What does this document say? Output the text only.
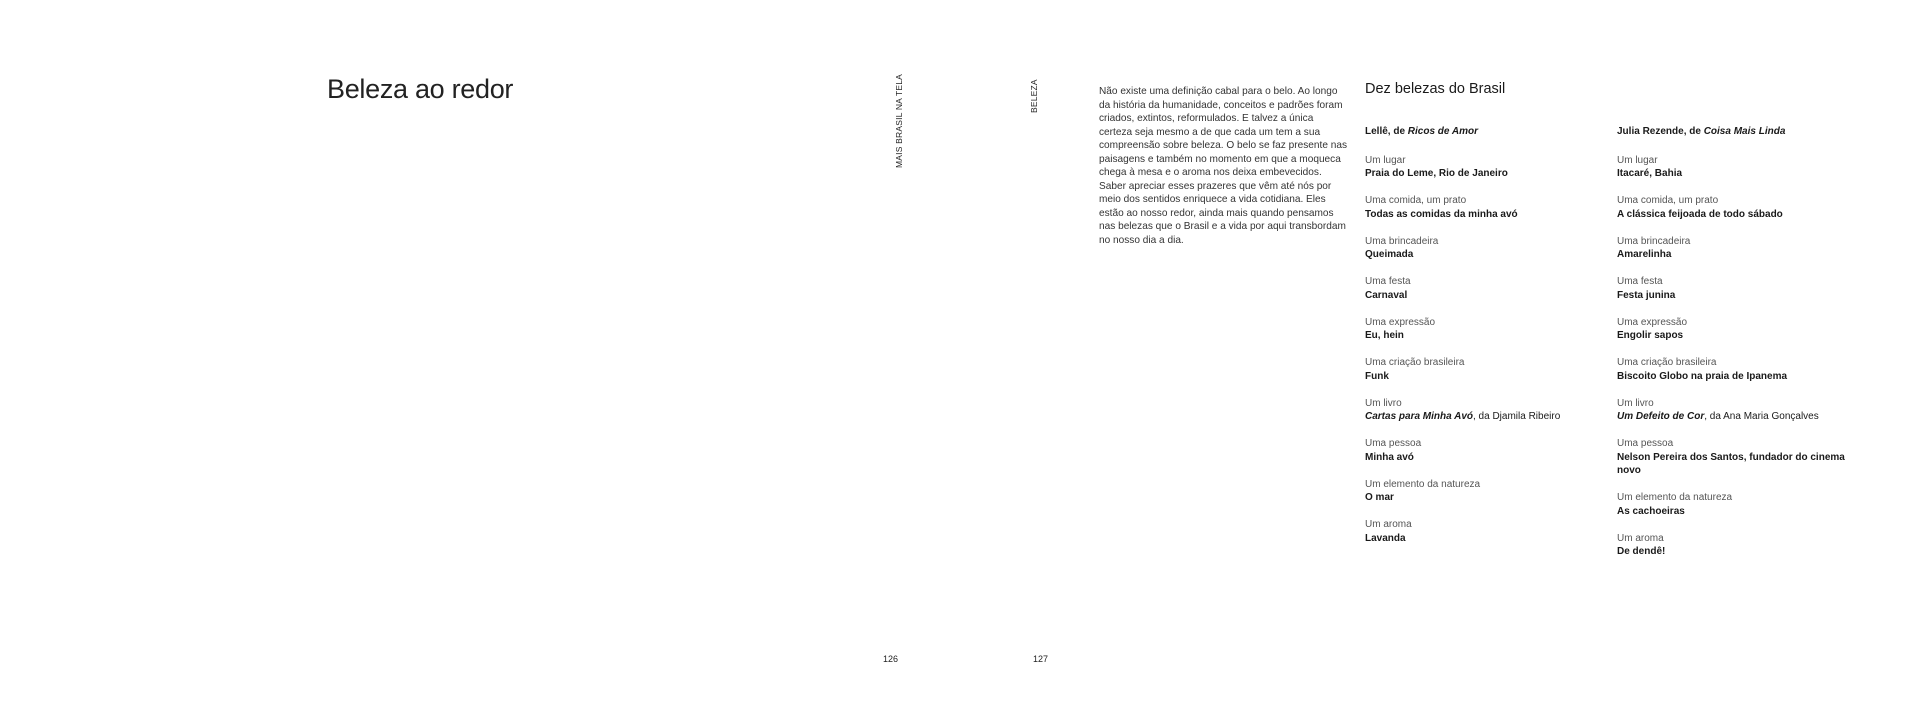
Beleza ao redor
126
MAIS BRASIL NA TELA	BELEZA
127
Não existe uma definição cabal para o belo. Ao longo da história da humanidade, conceitos e padrões foram criados, extintos, reformulados. E talvez a única certeza seja mesmo a de que cada um tem a sua compreensão sobre beleza. O belo se faz presente nas paisagens e também no momento em que a moqueca chega à mesa e o aroma nos deixa embevecidos. Saber apreciar esses prazeres que vêm até nós por meio dos sentidos enriquece a vida cotidiana. Eles estão ao nosso redor, ainda mais quando pensamos nas belezas que o Brasil e a vida por aqui transbordam no nosso dia a dia.
Dez belezas do Brasil
Lellê, de Ricos de Amor
Um lugar
Praia do Leme, Rio de Janeiro
Uma comida, um prato
Todas as comidas da minha avó
Uma brincadeira
Queimada
Uma festa
Carnaval
Uma expressão
Eu, hein
Uma criação brasileira
Funk
Um livro
Cartas para Minha Avó, da Djamila Ribeiro
Uma pessoa
Minha avó
Um elemento da natureza
O mar
Um aroma
Lavanda
Julia Rezende, de Coisa Mais Linda
Um lugar
Itacaré, Bahia
Uma comida, um prato
A clássica feijoada de todo sábado
Uma brincadeira
Amarelinha
Uma festa
Festa junina
Uma expressão
Engolir sapos
Uma criação brasileira
Biscoito Globo na praia de Ipanema
Um livro
Um Defeito de Cor, da Ana Maria Gonçalves
Uma pessoa
Nelson Pereira dos Santos, fundador do cinema novo
Um elemento da natureza
As cachoeiras
Um aroma
De dendê!
